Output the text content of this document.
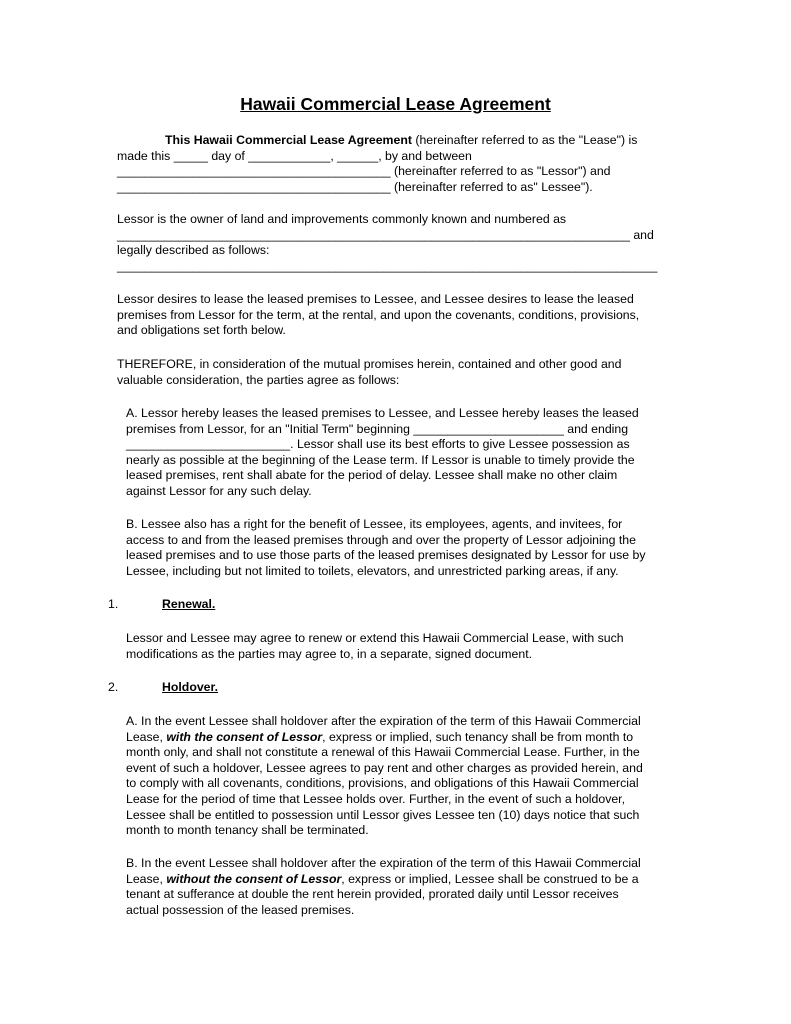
Hawaii Commercial Lease Agreement
This Hawaii Commercial Lease Agreement (hereinafter referred to as the "Lease") is
made this _____ day of ____________, ______, by and between
________________________________________ (hereinafter referred to as "Lessor") and
________________________________________ (hereinafter referred to as" Lessee").
Lessor is the owner of land and improvements commonly known and numbered as
___________________________________________________________________________ and
legally described as follows:
_______________________________________________________________________________
Lessor desires to lease the leased premises to Lessee, and Lessee desires to lease the leased
premises from Lessor for the term, at the rental, and upon the covenants, conditions, provisions,
and obligations set forth below.
THEREFORE, in consideration of the mutual promises herein, contained and other good and
valuable consideration, the parties agree as follows:
A. Lessor hereby leases the leased premises to Lessee, and Lessee hereby leases the leased
premises from Lessor, for an "Initial Term" beginning ______________________ and ending
________________________. Lessor shall use its best efforts to give Lessee possession as
nearly as possible at the beginning of the Lease term. If Lessor is unable to timely provide the
leased premises, rent shall abate for the period of delay. Lessee shall make no other claim
against Lessor for any such delay.
B. Lessee also has a right for the benefit of Lessee, its employees, agents, and invitees, for
access to and from the leased premises through and over the property of Lessor adjoining the
leased premises and to use those parts of the leased premises designated by Lessor for use by
Lessee, including but not limited to toilets, elevators, and unrestricted parking areas, if any.
1.	Renewal.
Lessor and Lessee may agree to renew or extend this Hawaii Commercial Lease, with such
modifications as the parties may agree to, in a separate, signed document.
2.	Holdover.
A. In the event Lessee shall holdover after the expiration of the term of this Hawaii Commercial
Lease, with the consent of Lessor, express or implied, such tenancy shall be from month to
month only, and shall not constitute a renewal of this Hawaii Commercial Lease. Further, in the
event of such a holdover, Lessee agrees to pay rent and other charges as provided herein, and
to comply with all covenants, conditions, provisions, and obligations of this Hawaii Commercial
Lease for the period of time that Lessee holds over. Further, in the event of such a holdover,
Lessee shall be entitled to possession until Lessor gives Lessee ten (10) days notice that such
month to month tenancy shall be terminated.
B. In the event Lessee shall holdover after the expiration of the term of this Hawaii Commercial
Lease, without the consent of Lessor, express or implied, Lessee shall be construed to be a
tenant at sufferance at double the rent herein provided, prorated daily until Lessor receives
actual possession of the leased premises.
